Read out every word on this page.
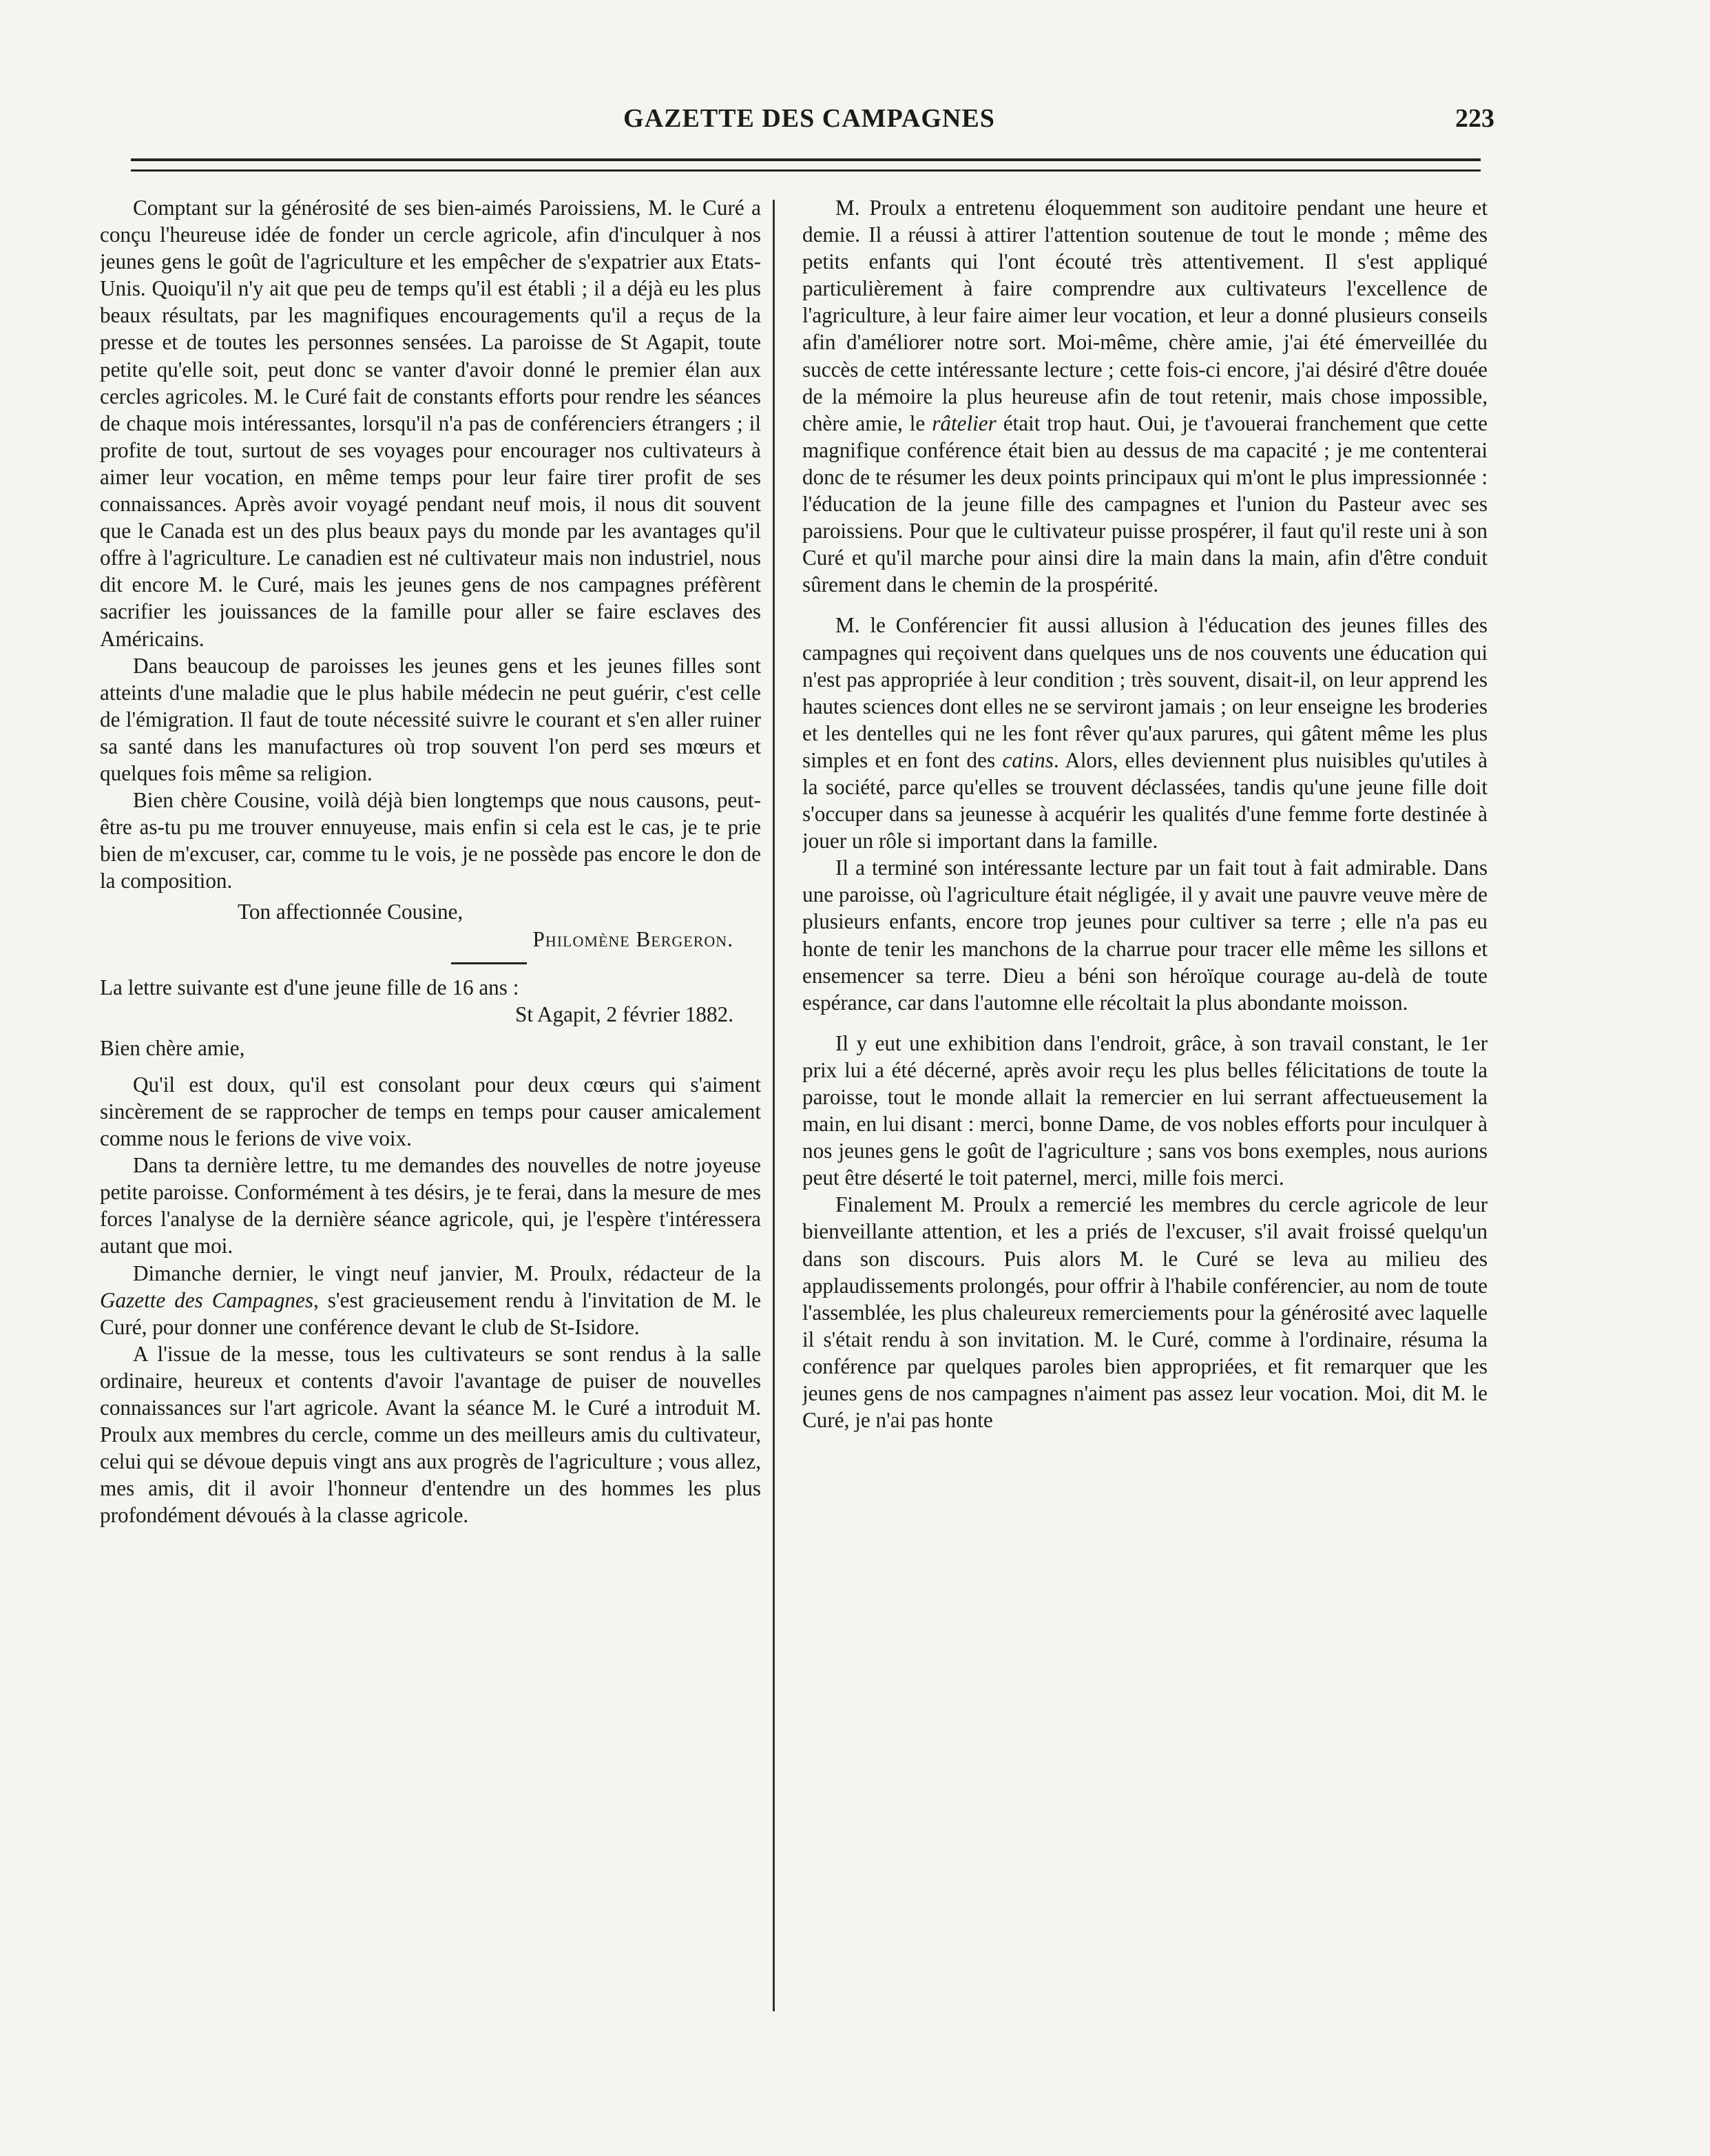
GAZETTE DES CAMPAGNES	223

Comptant sur la générosité de ses bien-aimés Paroissiens, M. le Curé a conçu l'heureuse idée de fonder un cercle agricole, afin d'inculquer à nos jeunes gens le goût de l'agriculture et les empêcher de s'expatrier aux Etats-Unis. Quoiqu'il n'y ait que peu de temps qu'il est établi ; il a déjà eu les plus beaux résultats, par les magnifiques encouragements qu'il a reçus de la presse et de toutes les personnes sensées. La paroisse de St Agapit, toute petite qu'elle soit, peut donc se vanter d'avoir donné le premier élan aux cercles agricoles. M. le Curé fait de constants efforts pour rendre les séances de chaque mois intéressantes, lorsqu'il n'a pas de conférenciers étrangers ; il profite de tout, surtout de ses voyages pour encourager nos cultivateurs à aimer leur vocation, en même temps pour leur faire tirer profit de ses connaissances. Après avoir voyagé pendant neuf mois, il nous dit souvent que le Canada est un des plus beaux pays du monde par les avantages qu'il offre à l'agriculture. Le canadien est né cultivateur mais non industriel, nous dit encore M. le Curé, mais les jeunes gens de nos campagnes préfèrent sacrifier les jouissances de la famille pour aller se faire esclaves des Américains.

Dans beaucoup de paroisses les jeunes gens et les jeunes filles sont atteints d'une maladie que le plus habile médecin ne peut guérir, c'est celle de l'émigration. Il faut de toute nécessité suivre le courant et s'en aller ruiner sa santé dans les manufactures où trop souvent l'on perd ses mœurs et quelques fois même sa religion.

Bien chère Cousine, voilà déjà bien longtemps que nous causons, peut-être as-tu pu me trouver ennuyeuse, mais enfin si cela est le cas, je te prie bien de m'excuser, car, comme tu le vois, je ne possède pas encore le don de la composition.

Ton affectionnée Cousine,

Philomène Bergeron.

La lettre suivante est d'une jeune fille de 16 ans :

St Agapit, 2 février 1882.

Bien chère amie,

Qu'il est doux, qu'il est consolant pour deux cœurs qui s'aiment sincèrement de se rapprocher de temps en temps pour causer amicalement comme nous le ferions de vive voix.

Dans ta dernière lettre, tu me demandes des nouvelles de notre joyeuse petite paroisse. Conformément à tes désirs, je te ferai, dans la mesure de mes forces l'analyse de la dernière séance agricole, qui, je l'espère t'intéressera autant que moi.

Dimanche dernier, le vingt neuf janvier, M. Proulx, rédacteur de la Gazette des Campagnes, s'est gracieusement rendu à l'invitation de M. le Curé, pour donner une conférence devant le club de St-Isidore.

A l'issue de la messe, tous les cultivateurs se sont rendus à la salle ordinaire, heureux et contents d'avoir l'avantage de puiser de nouvelles connaissances sur l'art agricole. Avant la séance M. le Curé a introduit M. Proulx aux membres du cercle, comme un des meilleurs amis du cultivateur, celui qui se dévoue depuis vingt ans aux progrès de l'agriculture ; vous allez, mes amis, dit il avoir l'honneur d'entendre un des hommes les plus profondément dévoués à la classe agricole.

M. Proulx a entretenu éloquemment son auditoire pendant une heure et demie. Il a réussi à attirer l'attention soutenue de tout le monde ; même des petits enfants qui l'ont écouté très attentivement. Il s'est appliqué particulièrement à faire comprendre aux cultivateurs l'excellence de l'agriculture, à leur faire aimer leur vocation, et leur a donné plusieurs conseils afin d'améliorer notre sort. Moi-même, chère amie, j'ai été émerveillée du succès de cette intéressante lecture ; cette fois-ci encore, j'ai désiré d'être douée de la mémoire la plus heureuse afin de tout retenir, mais chose impossible, chère amie, le râtelier était trop haut. Oui, je t'avouerai franchement que cette magnifique conférence était bien au dessus de ma capacité ; je me contenterai donc de te résumer les deux points principaux qui m'ont le plus impressionnée : l'éducation de la jeune fille des campagnes et l'union du Pasteur avec ses paroissiens. Pour que le cultivateur puisse prospérer, il faut qu'il reste uni à son Curé et qu'il marche pour ainsi dire la main dans la main, afin d'être conduit sûrement dans le chemin de la prospérité.

M. le Conférencier fit aussi allusion à l'éducation des jeunes filles des campagnes qui reçoivent dans quelques uns de nos couvents une éducation qui n'est pas appropriée à leur condition ; très souvent, disait-il, on leur apprend les hautes sciences dont elles ne se serviront jamais ; on leur enseigne les broderies et les dentelles qui ne les font rêver qu'aux parures, qui gâtent même les plus simples et en font des catins. Alors, elles deviennent plus nuisibles qu'utiles à la société, parce qu'elles se trouvent déclassées, tandis qu'une jeune fille doit s'occuper dans sa jeunesse à acquérir les qualités d'une femme forte destinée à jouer un rôle si important dans la famille.

Il a terminé son intéressante lecture par un fait tout à fait admirable. Dans une paroisse, où l'agriculture était négligée, il y avait une pauvre veuve mère de plusieurs enfants, encore trop jeunes pour cultiver sa terre ; elle n'a pas eu honte de tenir les manchons de la charrue pour tracer elle même les sillons et ensemencer sa terre. Dieu a béni son héroïque courage au-delà de toute espérance, car dans l'automne elle récoltait la plus abondante moisson.

Il y eut une exhibition dans l'endroit, grâce, à son travail constant, le 1er prix lui a été décerné, après avoir reçu les plus belles félicitations de toute la paroisse, tout le monde allait la remercier en lui serrant affectueusement la main, en lui disant : merci, bonne Dame, de vos nobles efforts pour inculquer à nos jeunes gens le goût de l'agriculture ; sans vos bons exemples, nous aurions peut être déserté le toit paternel, merci, mille fois merci.

Finalement M. Proulx a remercié les membres du cercle agricole de leur bienveillante attention, et les a priés de l'excuser, s'il avait froissé quelqu'un dans son discours. Puis alors M. le Curé se leva au milieu des applaudissements prolongés, pour offrir à l'habile conférencier, au nom de toute l'assemblée, les plus chaleureux remerciements pour la générosité avec laquelle il s'était rendu à son invitation. M. le Curé, comme à l'ordinaire, résuma la conférence par quelques paroles bien appropriées, et fit remarquer que les jeunes gens de nos campagnes n'aiment pas assez leur vocation. Moi, dit M. le Curé, je n'ai pas honte
